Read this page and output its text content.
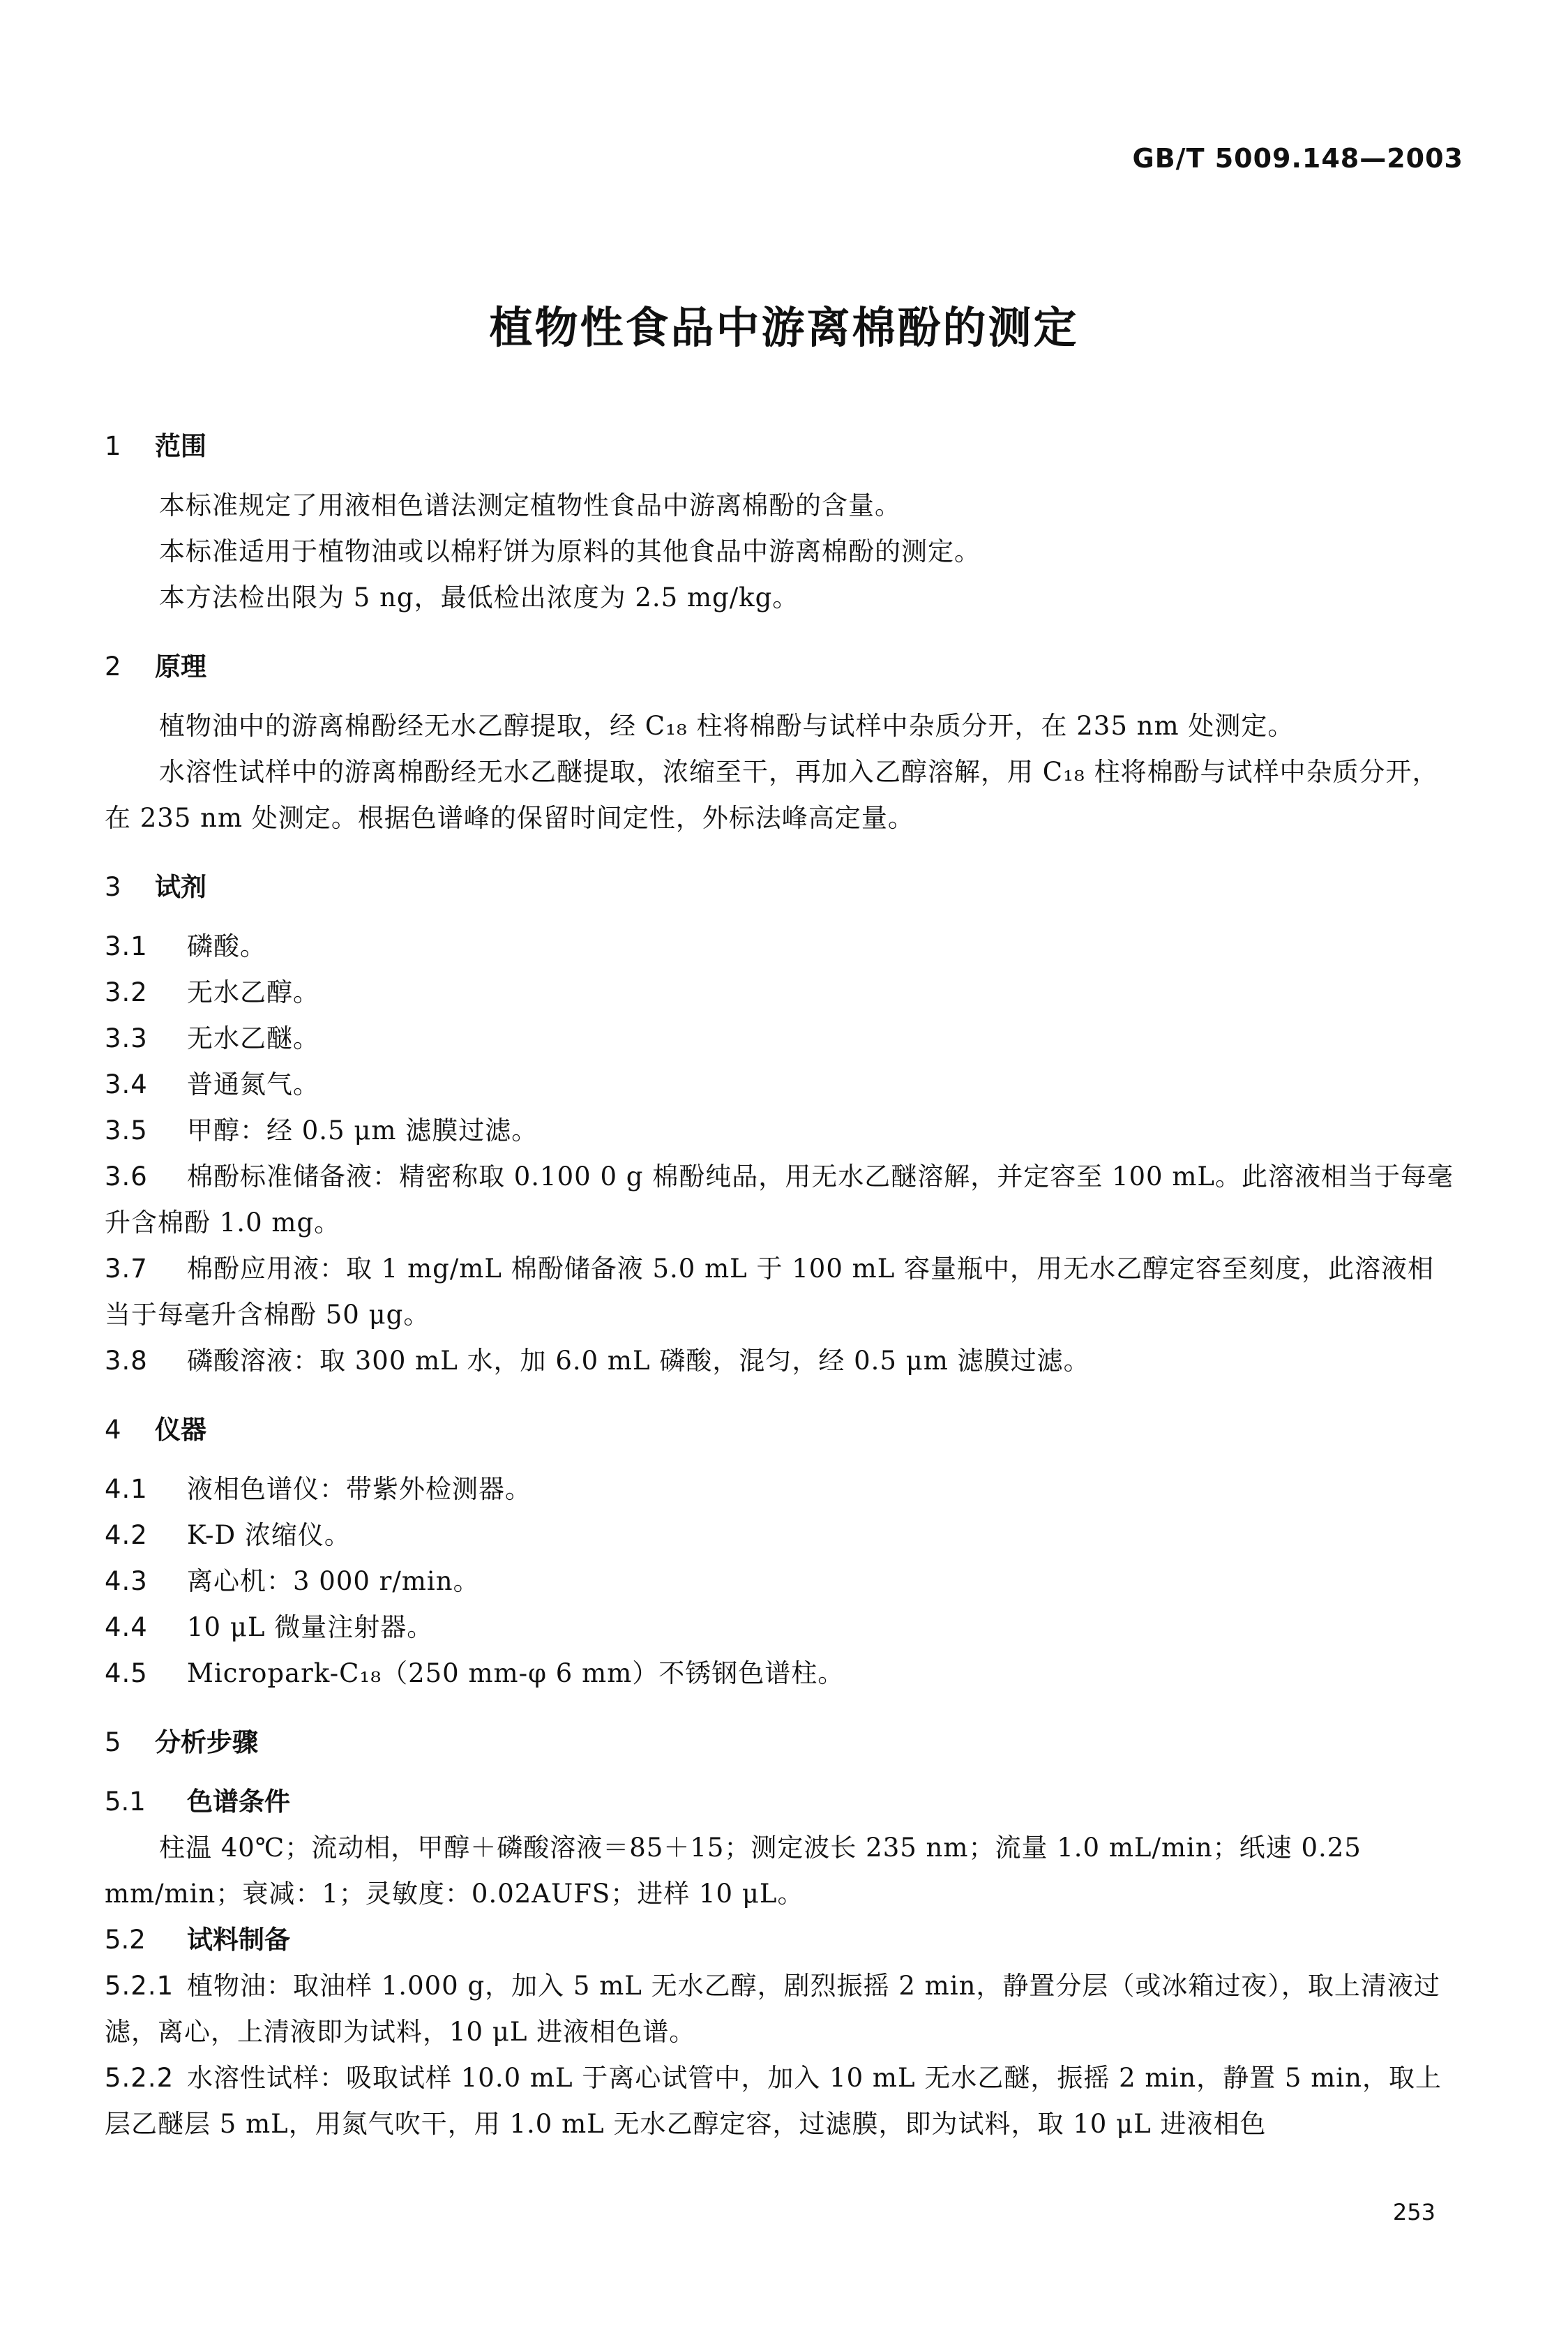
GB/T 5009.148—2003
植物性食品中游离棉酚的测定
1 范围

本标准规定了用液相色谱法测定植物性食品中游离棉酚的含量。

本标准适用于植物油或以棉籽饼为原料的其他食品中游离棉酚的测定。

本方法检出限为 5 ng，最低检出浓度为 2.5 mg/kg。

2 原理

植物油中的游离棉酚经无水乙醇提取，经 C₁₈ 柱将棉酚与试样中杂质分开，在 235 nm 处测定。

水溶性试样中的游离棉酚经无水乙醚提取，浓缩至干，再加入乙醇溶解，用 C₁₈ 柱将棉酚与试样中杂质分开，在 235 nm 处测定。根据色谱峰的保留时间定性，外标法峰高定量。

3 试剂

3.1 磷酸。

3.2 无水乙醇。

3.3 无水乙醚。

3.4 普通氮气。

3.5 甲醇：经 0.5 μm 滤膜过滤。

3.6 棉酚标准储备液：精密称取 0.100 0 g 棉酚纯品，用无水乙醚溶解，并定容至 100 mL。此溶液相当于每毫升含棉酚 1.0 mg。

3.7 棉酚应用液：取 1 mg/mL 棉酚储备液 5.0 mL 于 100 mL 容量瓶中，用无水乙醇定容至刻度，此溶液相当于每毫升含棉酚 50 μg。

3.8 磷酸溶液：取 300 mL 水，加 6.0 mL 磷酸，混匀，经 0.5 μm 滤膜过滤。

4 仪器

4.1 液相色谱仪：带紫外检测器。

4.2 K-D 浓缩仪。

4.3 离心机：3 000 r/min。

4.4 10 μL 微量注射器。

4.5 Micropark-C₁₈（250 mm-φ 6 mm）不锈钢色谱柱。

5 分析步骤

5.1 色谱条件

柱温 40℃；流动相，甲醇＋磷酸溶液＝85＋15；测定波长 235 nm；流量 1.0 mL/min；纸速 0.25 mm/min；衰减：1；灵敏度：0.02AUFS；进样 10 μL。

5.2 试料制备

5.2.1 植物油：取油样 1.000 g，加入 5 mL 无水乙醇，剧烈振摇 2 min，静置分层（或冰箱过夜），取上清液过滤，离心，上清液即为试料，10 μL 进液相色谱。

5.2.2 水溶性试样：吸取试样 10.0 mL 于离心试管中，加入 10 mL 无水乙醚，振摇 2 min，静置 5 min，取上层乙醚层 5 mL，用氮气吹干，用 1.0 mL 无水乙醇定容，过滤膜，即为试料，取 10 μL 进液相色

253
